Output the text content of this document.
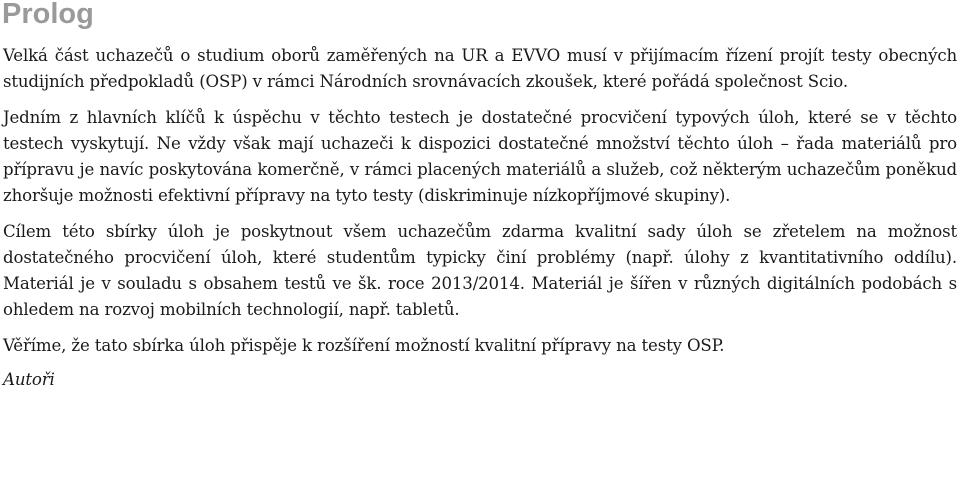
Prolog

Velká část uchazečů o studium oborů zaměřených na UR a EVVO musí v přijímacím řízení projít testy obecných studijních předpokladů (OSP) v rámci Národních srovnávacích zkoušek, které pořádá společnost Scio.

Jedním z hlavních klíčů k úspěchu v těchto testech je dostatečné procvičení typových úloh, které se v těchto testech vyskytují. Ne vždy však mají uchazeči k dispozici dostatečné množství těchto úloh – řada materiálů pro přípravu je navíc poskytována komerčně, v rámci placených materiálů a služeb, což některým uchazečům poněkud zhoršuje možnosti efektivní přípravy na tyto testy (diskriminuje nízkopříjmové skupiny).

Cílem této sbírky úloh je poskytnout všem uchazečům zdarma kvalitní sady úloh se zřetelem na možnost dostatečného procvičení úloh, které studentům typicky činí problémy (např. úlohy z kvantitativního oddílu). Materiál je v souladu s obsahem testů ve šk. roce 2013/2014. Materiál je šířen v různých digitálních podobách s ohledem na rozvoj mobilních technologií, např. tabletů.

Věříme, že tato sbírka úloh přispěje k rozšíření možností kvalitní přípravy na testy OSP.

Autoři
